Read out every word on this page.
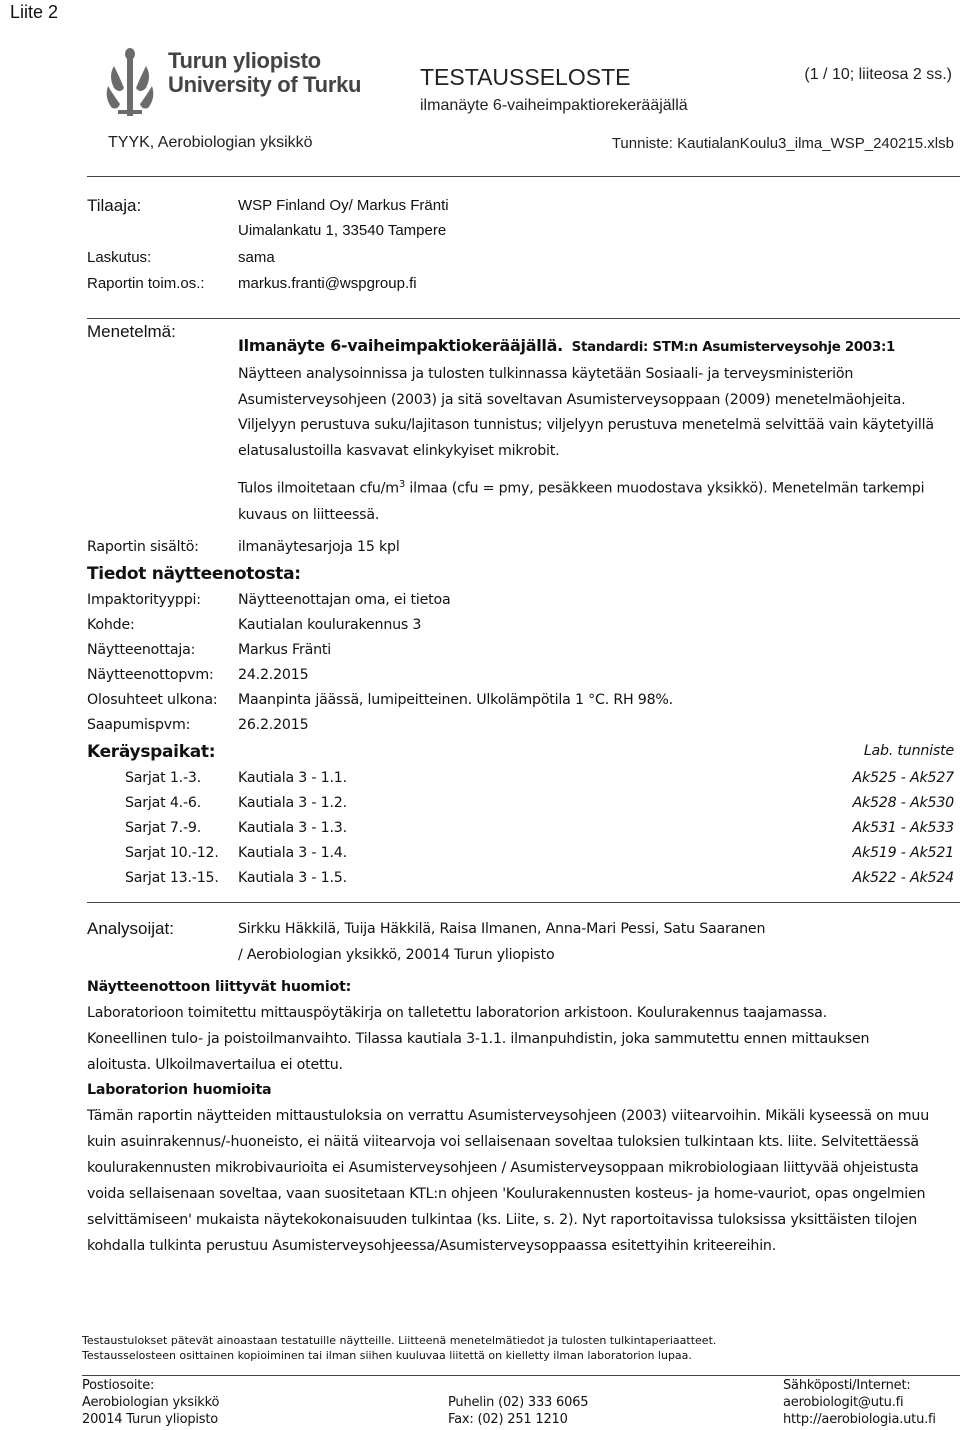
Liite 2
Turun yliopisto
University of Turku	TESTAUSSELOSTE
ilmanäyte 6-vaiheimpaktiorekerääjällä
(1 / 10; liiteosa 2 ss.)
TYYK, Aerobiologian yksikkö	Tunniste: KautialanKoulu3_ilma_WSP_240215.xlsb
Tilaaja:	WSP Finland Oy/ Markus Fränti
Uimalankatu 1, 33540 Tampere
Laskutus:	sama
Raportin toim.os.: markus.franti@wspgroup.fi
Menetelmä:
Ilmanäyte 6-vaiheimpaktiokerääjällä. Standardi: STM:n Asumisterveysohje 2003:1
Näytteen analysoinnissa ja tulosten tulkinnassa käytetään Sosiaali- ja terveysministeriön Asumisterveysohjeen (2003) ja sitä soveltavan Asumisterveysoppaan (2009) menetelmäohjeita.
Viljelyyn perustuva suku/lajitason tunnistus; viljelyyn perustuva menetelmä selvittää vain käytetyillä elatusalustoilla kasvavat elinkykyiset mikrobit.
Tulos ilmoitetaan cfu/$m^3$ ilmaa (cfu = pmy, pesäkkeen muodostava yksikkö). Menetelmän tarkempi kuvaus on liitteessä.
Raportin sisältö:	ilmanäytesarjoja 15 kpl
Tiedot näytteenotosta:
Impaktorityyppi:	Näytteenottajan oma, ei tietoa
Kohde:	Kautialan koulurakennus 3
Näytteenottaja:	Markus Fränti
Näytteenottopvm: 24.2.2015
Olosuhteet ulkona: Maanpinta jäässä, lumipeitteinen. Ulkolämpötila 1 °C. RH 98%.
Saapumispvm:	26.2.2015
Keräyspaikat:	Lab. tunniste
Sarjat 1.-3.	Kautiala 3 - 1.1.	Ak525 - Ak527
Sarjat 4.-6.	Kautiala 3 - 1.2.	Ak528 - Ak530
Sarjat 7.-9.	Kautiala 3 - 1.3.	Ak531 - Ak533
Sarjat 10.-12. Kautiala 3 - 1.4.	Ak519 - Ak521
Sarjat 13.-15. Kautiala 3 - 1.5.	Ak522 - Ak524
Analysoijat:	Sirkku Häkkilä, Tuija Häkkilä, Raisa Ilmanen, Anna-Mari Pessi, Satu Saaranen
/ Aerobiologian yksikkö, 20014 Turun yliopisto
Näytteenottoon liittyvät huomiot:
Laboratorioon toimitettu mittauspöytäkirja on talletettu laboratorion arkistoon. Koulurakennus taajamassa. Koneellinen tulo- ja poistoilmanvaihto. Tilassa kautiala 3-1.1. ilmanpuhdistin, joka sammutettu ennen mittauksen aloitusta. Ulkoilmavertailua ei otettu.
Laboratorion huomioita
Tämän raportin näytteiden mittaustuloksia on verrattu Asumisterveysohjeen (2003) viitearvoihin. Mikäli kyseessä on muu kuin asuinrakennus/-huoneisto, ei näitä viitearvoja voi sellaisenaan soveltaa tuloksien tulkintaan kts. liite. Selvitettäessä koulurakennusten mikrobivaurioita ei Asumisterveysohjeen / Asumisterveysoppaan mikrobiologiaan liittyvää ohjeistusta voida sellaisenaan soveltaa, vaan suositetaan KTL:n ohjeen 'Koulurakennusten kosteus- ja home-vauriot, opas ongelmien selvittämiseen' mukaista näytekokonaisuuden tulkintaa (ks. Liite, s. 2). Nyt raportoitavissa tuloksissa yksittäisten tilojen kohdalla tulkinta perustuu Asumisterveysohjeessa/Asumisterveysoppaassa esitettyihin kriteereihin.
Testaustulokset pätevät ainoastaan testatuille näytteille. Liitteenä menetelmätiedot ja tulosten tulkintaperiaatteet.
Testausselosteen osittainen kopioiminen tai ilman siihen kuuluvaa liitettä on kielletty ilman laboratorion lupaa.
Postiosoite:
Aerobiologian yksikkö
20014 Turun yliopisto
Puhelin (02) 333 6065
Fax: (02) 251 1210
Sähköposti/Internet:
aerobiologit@utu.fi
http://aerobiologia.utu.fi
